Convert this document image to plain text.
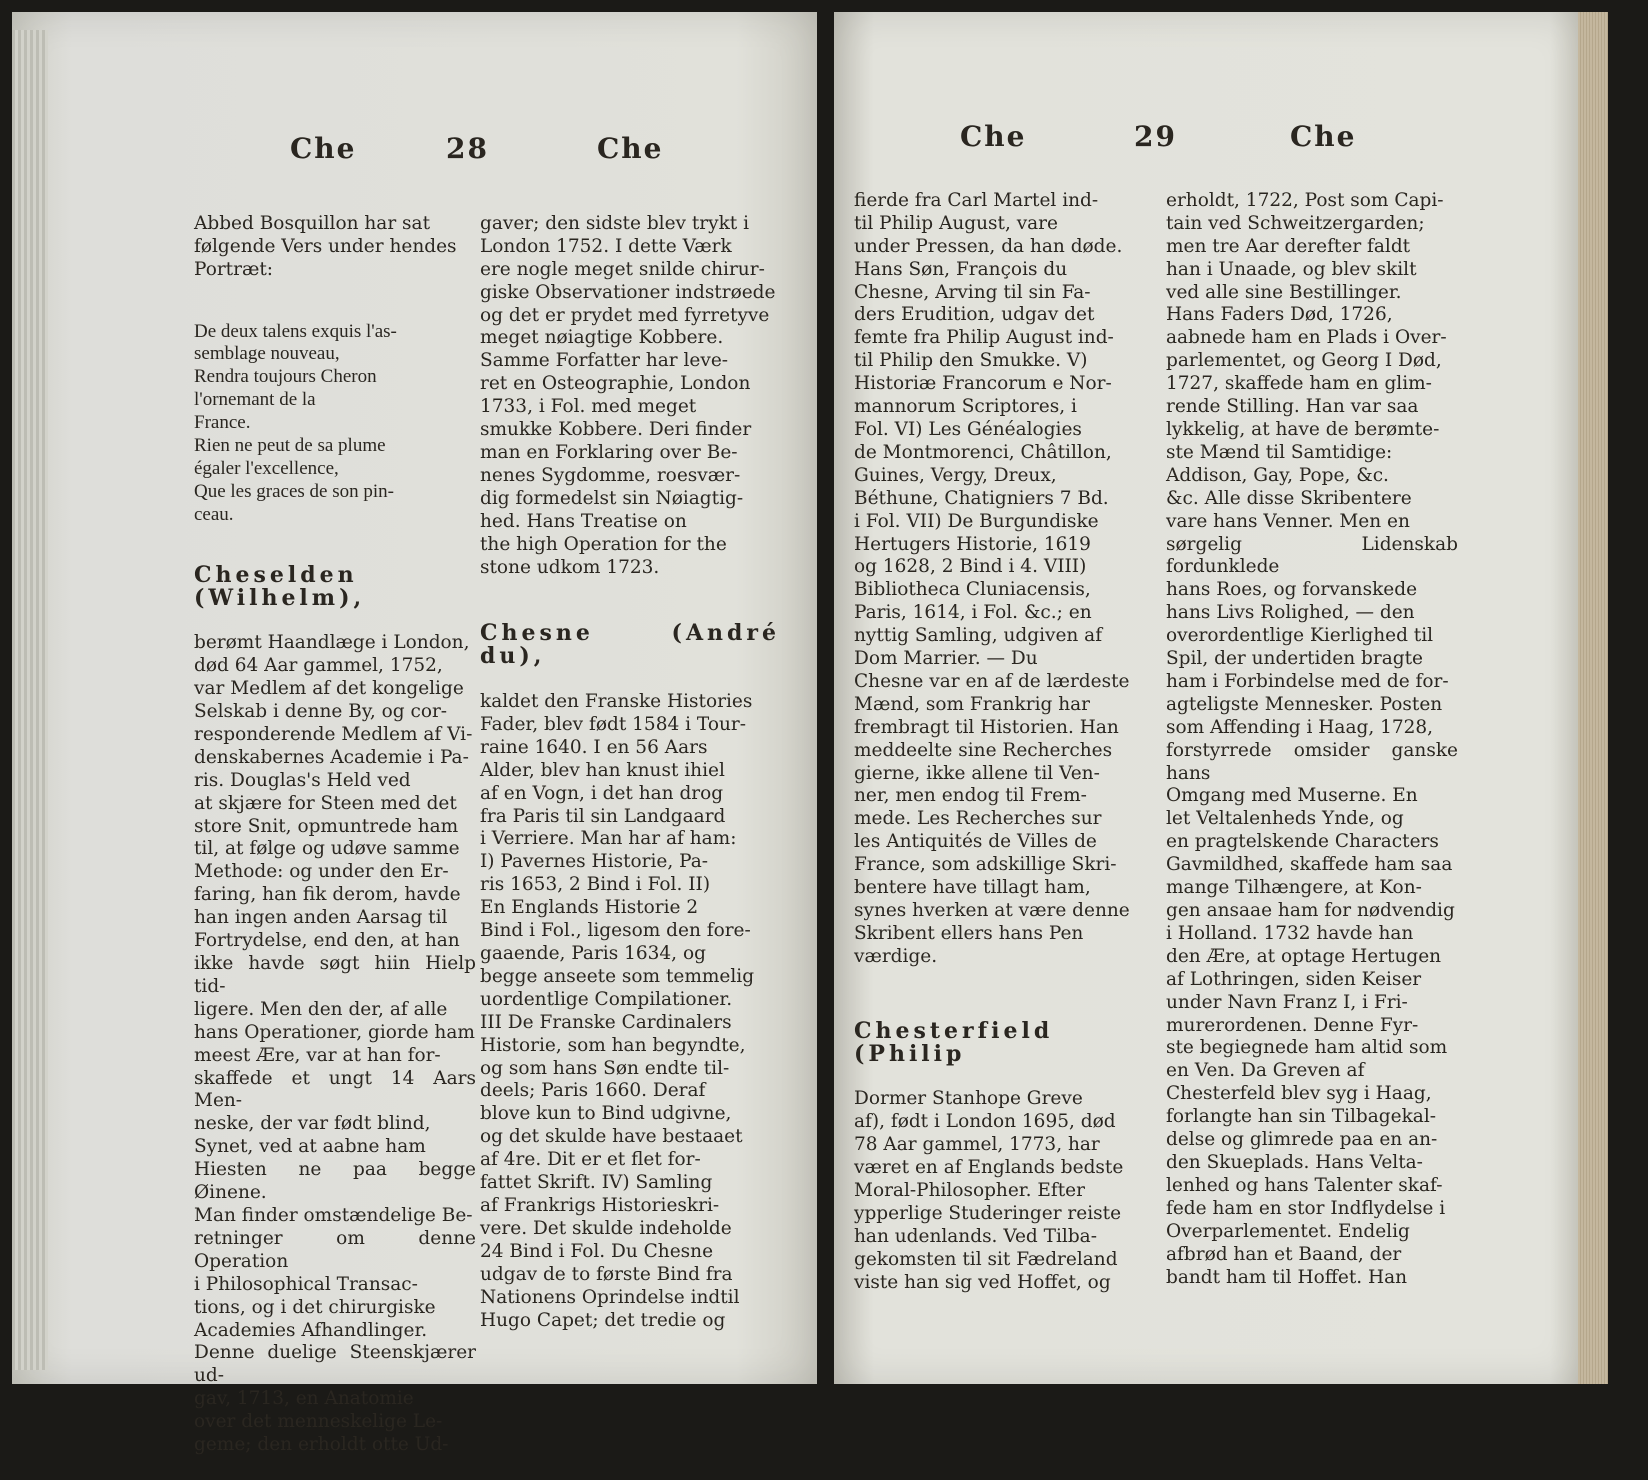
Che	28	Che

Abbed Bosquillon har sat
følgende Vers under hendes
Portræt:

De deux talens exquis l'as-
semblage nouveau,
Rendra toujours Cheron
l'ornemant de la
France.
Rien ne peut de sa plume
égaler l'excellence,
Que les graces de son pin-
ceau.

Cheselden (Wilhelm),

berømt Haandlæge i London,
død 64 Aar gammel, 1752,
var Medlem af det kongelige
Selskab i denne By, og cor-
responderende Medlem af Vi-
denskabernes Academie i Pa-
ris. Douglas's Held ved
at skjære for Steen med det
store Snit, opmuntrede ham
til, at følge og udøve samme
Methode: og under den Er-
faring, han fik derom, havde
han ingen anden Aarsag til
Fortrydelse, end den, at han
ikke havde søgt hiin Hielp tid-
ligere. Men den der, af alle
hans Operationer, giorde ham
meest Ære, var at han for-
skaffede et ungt 14 Aars Men-
neske, der var født blind,
Synet, ved at aabne ham
Hiesten ne paa begge Øinene.
Man finder omstændelige Be-
retninger om denne Operation
i Philosophical Transac-
tions, og i det chirurgiske
Academies Afhandlinger.
Denne duelige Steenskjærer ud-
gav, 1713, en Anatomie
over det menneskelige Le-
geme; den erholdt otte Ud-

gaver; den sidste blev trykt i
London 1752. I dette Værk
ere nogle meget snilde chirur-
giske Observationer indstrøede
og det er prydet med fyrretyve
meget nøiagtige Kobbere.
Samme Forfatter har leve-
ret en Osteographie, London
1733, i Fol. med meget
smukke Kobbere. Deri finder
man en Forklaring over Be-
nenes Sygdomme, roesvær-
dig formedelst sin Nøiagtig-
hed. Hans Treatise on
the high Operation for the
stone udkom 1723.

Chesne (André du),

kaldet den Franske Histories
Fader, blev født 1584 i Tour-
raine 1640. I en 56 Aars
Alder, blev han knust ihiel
af en Vogn, i det han drog
fra Paris til sin Landgaard
i Verriere. Man har af ham:
I) Pavernes Historie, Pa-
ris 1653, 2 Bind i Fol. II)
En Englands Historie 2
Bind i Fol., ligesom den fore-
gaaende, Paris 1634, og
begge anseete som temmelig
uordentlige Compilationer.
III De Franske Cardinalers
Historie, som han begyndte,
og som hans Søn endte til-
deels; Paris 1660. Deraf
blove kun to Bind udgivne,
og det skulde have bestaaet
af 4re. Dit er et flet for-
fattet Skrift. IV) Samling
af Frankrigs Historieskri-
vere. Det skulde indeholde
24 Bind i Fol. Du Chesne
udgav de to første Bind fra
Nationens Oprindelse indtil
Hugo Capet; det tredie og

Che	29	Che

fierde fra Carl Martel ind-
til Philip August, vare
under Pressen, da han døde.
Hans Søn, François du
Chesne, Arving til sin Fa-
ders Erudition, udgav det
femte fra Philip August ind-
til Philip den Smukke. V)
Historiæ Francorum e Nor-
mannorum Scriptores, i
Fol. VI) Les Généalogies
de Montmorenci, Châtillon,
Guines, Vergy, Dreux,
Béthune, Chatigniers 7 Bd.
i Fol. VII) De Burgundiske
Hertugers Historie, 1619
og 1628, 2 Bind i 4. VIII)
Bibliotheca Cluniacensis,
Paris, 1614, i Fol. &c.; en
nyttig Samling, udgiven af
Dom Marrier. — Du
Chesne var en af de lærdeste
Mænd, som Frankrig har
frembragt til Historien. Han
meddeelte sine Recherches
gierne, ikke allene til Ven-
ner, men endog til Frem-
mede. Les Recherches sur
les Antiquités de Villes de
France, som adskillige Skri-
bentere have tillagt ham,
synes hverken at være denne
Skribent ellers hans Pen
værdige.

Chesterfield (Philip

Dormer Stanhope Greve
af), født i London 1695, død
78 Aar gammel, 1773, har
været en af Englands bedste
Moral-Philosopher. Efter
ypperlige Studeringer reiste
han udenlands. Ved Tilba-
gekomsten til sit Fædreland
viste han sig ved Hoffet, og

erholdt, 1722, Post som Capi-
tain ved Schweitzergarden;
men tre Aar derefter faldt
han i Unaade, og blev skilt
ved alle sine Bestillinger.
Hans Faders Død, 1726,
aabnede ham en Plads i Over-
parlementet, og Georg I Død,
1727, skaffede ham en glim-
rende Stilling. Han var saa
lykkelig, at have de berømte-
ste Mænd til Samtidige:
Addison, Gay, Pope, &c.
&c. Alle disse Skribentere
vare hans Venner. Men en
sørgelig Lidenskab fordunklede
hans Roes, og forvanskede
hans Livs Rolighed, — den
overordentlige Kierlighed til
Spil, der undertiden bragte
ham i Forbindelse med de for-
agteligste Mennesker. Posten
som Affending i Haag, 1728,
forstyrrede omsider ganske hans
Omgang med Muserne. En
let Veltalenheds Ynde, og
en pragtelskende Characters
Gavmildhed, skaffede ham saa
mange Tilhængere, at Kon-
gen ansaae ham for nødvendig
i Holland. 1732 havde han
den Ære, at optage Hertugen
af Lothringen, siden Keiser
under Navn Franz I, i Fri-
murerordenen. Denne Fyr-
ste begiegnede ham altid som
en Ven. Da Greven af
Chesterfeld blev syg i Haag,
forlangte han sin Tilbagekal-
delse og glimrede paa en an-
den Skueplads. Hans Velta-
lenhed og hans Talenter skaf-
fede ham en stor Indflydelse i
Overparlementet. Endelig
afbrød han et Baand, der
bandt ham til Hoffet. Han
